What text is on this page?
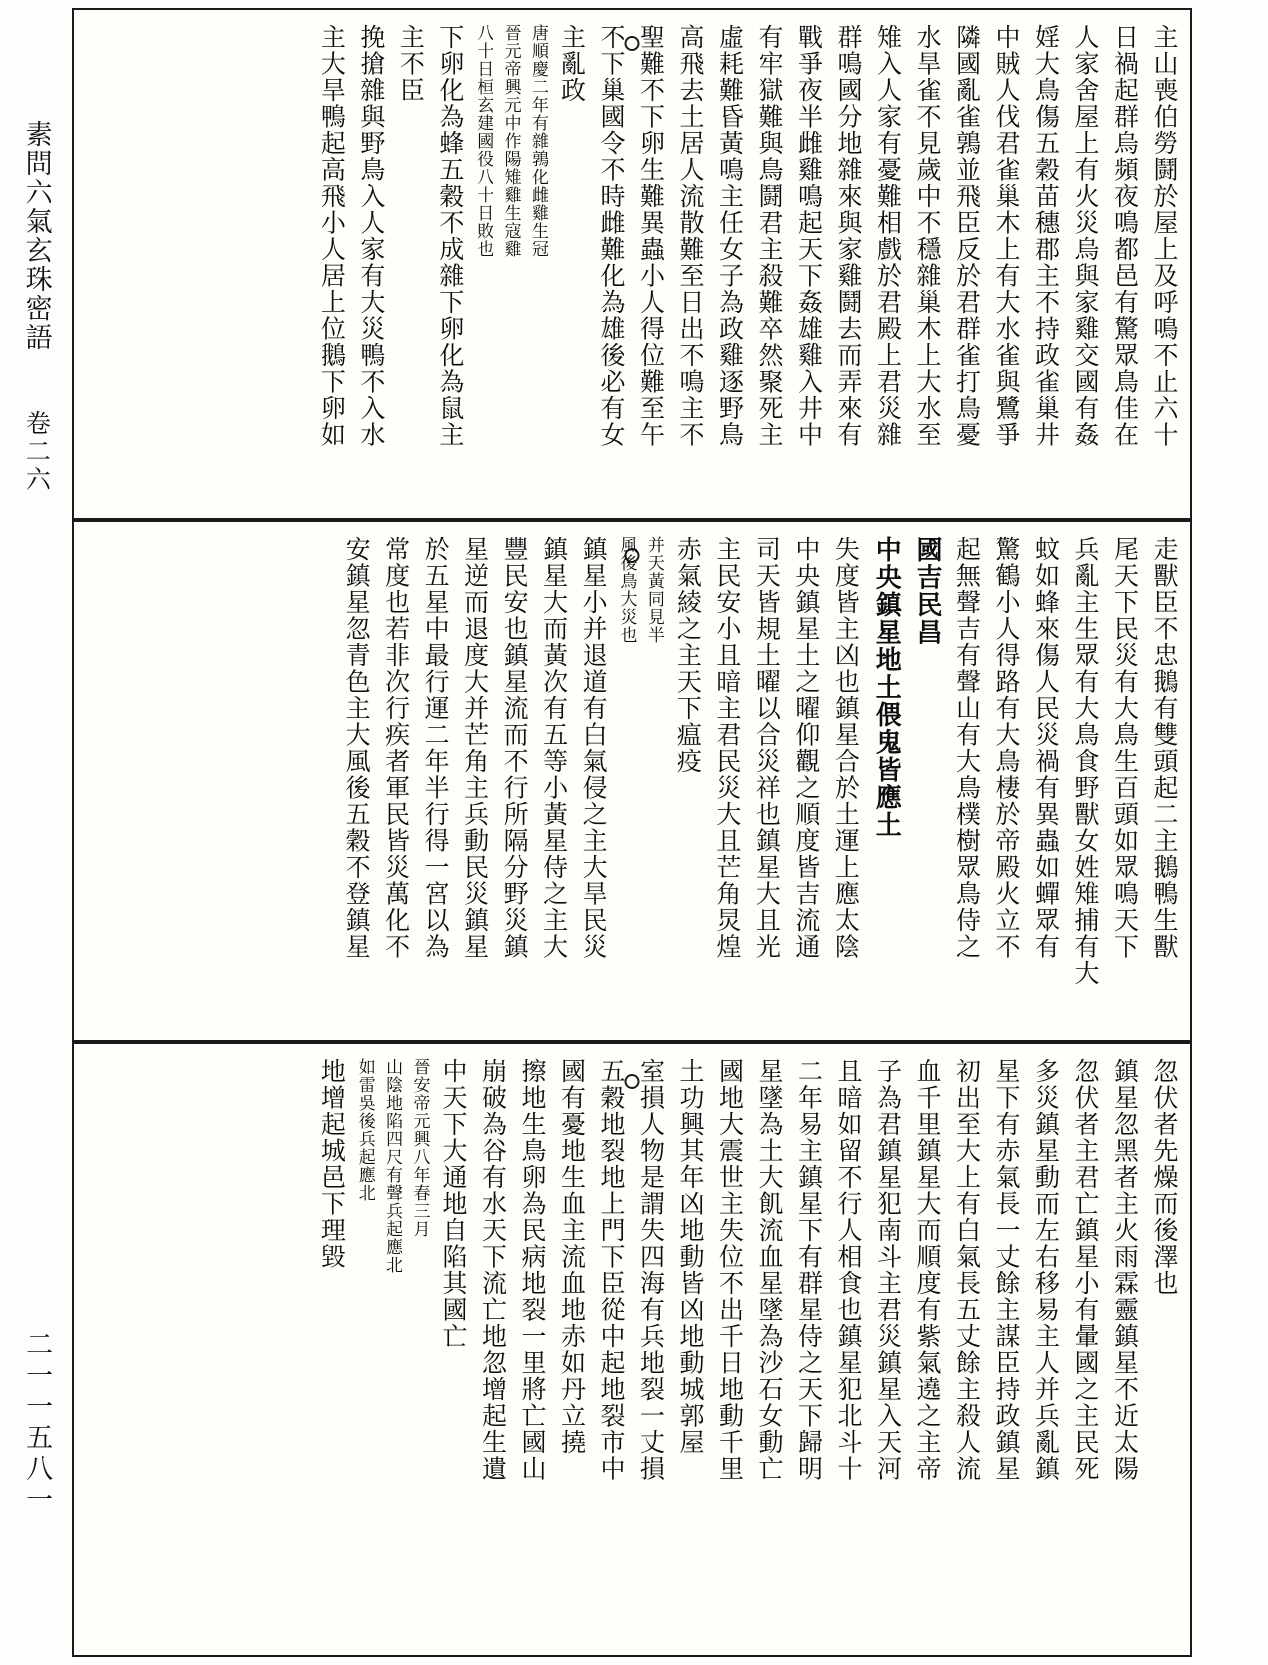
素問六氣玄珠密語
卷二六
二一一五八一
主山喪伯勞鬪於屋上及呼鳴不止六十
日禍起群烏頻夜鳴都邑有驚眾鳥佳在
人家舍屋上有火災烏與家雞交國有姦
婬大鳥傷五穀苗穗郡主不持政雀巢井
中賊人伐君雀巢木上有大水雀與鷺爭
隣國亂雀鶉並飛臣反於君群雀打鳥憂
水旱雀不見歲中不穩雜巢木上大水至
雉入人家有憂難相戲於君殿上君災雜
群鳴國分地雜來與家雞鬪去而弄來有
戰爭夜半雌雞鳴起天下姦雄雞入井中
有牢獄難與鳥鬪君主殺難卒然聚死主
虛耗難昏黃鳴主任女子為政雞逐野鳥
高飛去土居人流散難至日出不鳴主不
聖難不下卵生難異蟲小人得位難至午
不下巢國令不時雌難化為雄後必有女
主亂政
唐順慶二年有雜鶉化雌雞生冠
晉元帝興元中作陽雉雞生寇雞
八十日桓玄建國役八十日敗也
下卵化為蜂五穀不成雜下卵化為鼠主
主不臣
挽搶雜與野鳥入人家有大災鴨不入水
主大旱鴨起高飛小人居上位鵝下卵如
走獸臣不忠鵝有雙頭起二主鵝鴨生獸
尾天下民災有大鳥生百頭如眾鳴天下
兵亂主生眾有大鳥食野獸女姓雉捕有大
蚊如蜂來傷人民災禍有異蟲如蟬眾有
驚鶴小人得路有大鳥棲於帝殿火立不
起無聲吉有聲山有大鳥樸樹眾鳥侍之
國吉民昌
中央鎮星地土偎鬼皆應土
失度皆主凶也鎮星合於土運上應太陰
中央鎮星土之曜仰觀之順度皆吉流通
司天皆規土曜以合災祥也鎮星大且光
主民安小且暗主君民災大且芒角炅煌
赤氣綾之主天下瘟疫
并天黃同見半
風後鳥大災也
鎮星小并退道有白氣侵之主大旱民災
鎮星大而黃次有五等小黃星侍之主大
豐民安也鎮星流而不行所隔分野災鎮
星逆而退度大并芒角主兵動民災鎮星
於五星中最行運二年半行得一宮以為
常度也若非次行疾者軍民皆災萬化不
安鎮星忽青色主大風後五穀不登鎮星
忽伏者先燥而後澤也
鎮星忽黑者主火雨霖靈鎮星不近太陽
忽伏者主君亡鎮星小有暈國之主民死
多災鎮星動而左右移易主人并兵亂鎮
星下有赤氣長一丈餘主謀臣持政鎮星
初出至大上有白氣長五丈餘主殺人流
血千里鎮星大而順度有紫氣遶之主帝
子為君鎮星犯南斗主君災鎮星入天河
且暗如留不行人相食也鎮星犯北斗十
二年易主鎮星下有群星侍之天下歸明
星墜為土大飢流血星墜為沙石女動亡
國地大震世主失位不出千日地動千里
土功興其年凶地動皆凶地動城郭屋
室損人物是謂失四海有兵地裂一丈損
五穀地裂地上門下臣從中起地裂市中
國有憂地生血主流血地赤如丹立撓
擦地生鳥卵為民病地裂一里將亡國山
崩破為谷有水天下流亡地忽增起生遺
中天下大通地自陷其國亡
晉安帝元興八年春三月
山陰地陷四尺有聲兵起應北
如雷吳後兵起應北
地增起城邑下理毀
